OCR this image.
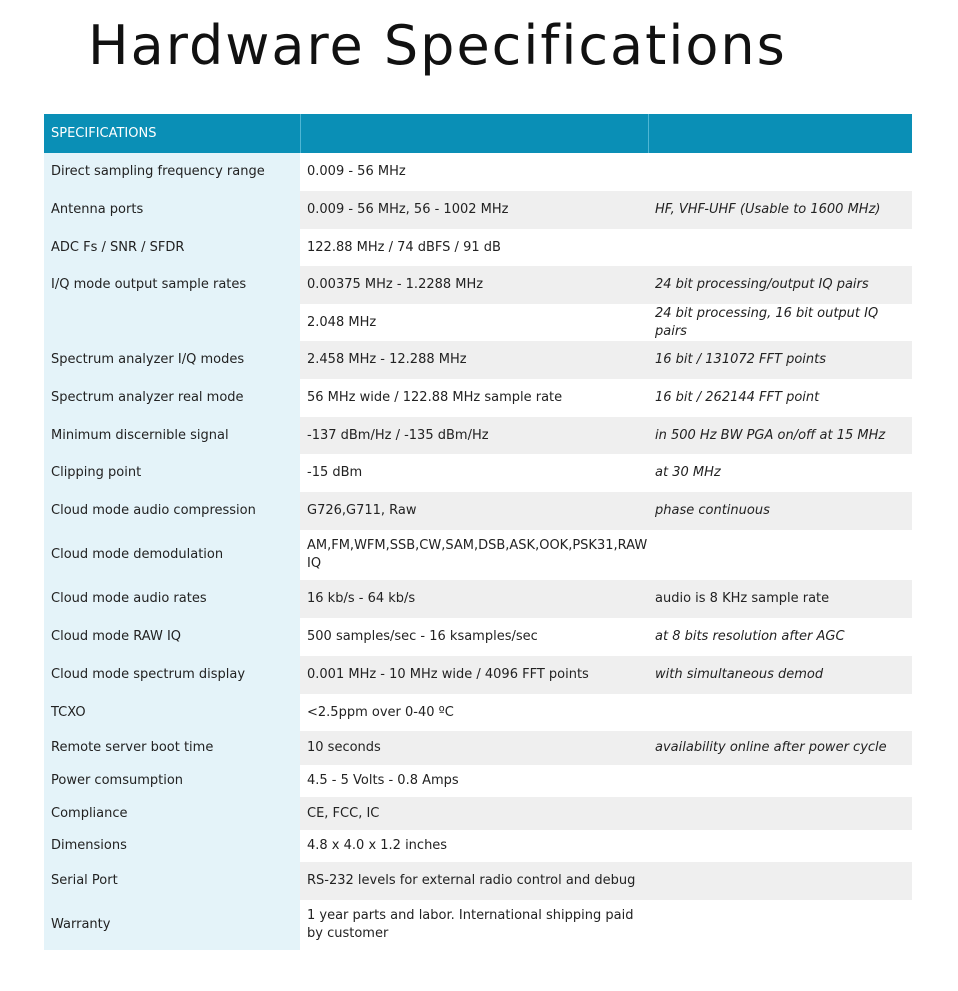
Hardware Specifications
SPECIFICATIONS		
Direct sampling frequency range	0.009 - 56 MHz	
Antenna ports	0.009 - 56 MHz, 56 - 1002 MHz	HF, VHF-UHF (Usable to 1600 MHz)
ADC Fs / SNR / SFDR	122.88 MHz / 74 dBFS / 91 dB	
I/Q mode output sample rates	0.00375 MHz - 1.2288 MHz	24 bit processing/output IQ pairs
	2.048 MHz	24 bit processing, 16 bit output IQ pairs
Spectrum analyzer I/Q modes	2.458 MHz - 12.288 MHz	16 bit / 131072 FFT points
Spectrum analyzer real mode	56 MHz wide / 122.88 MHz sample rate	16 bit / 262144 FFT point
Minimum discernible signal	-137 dBm/Hz / -135 dBm/Hz	in 500 Hz BW PGA on/off at 15 MHz
Clipping point	-15 dBm	at 30 MHz
Cloud mode audio compression	G726,G711, Raw	phase continuous
Cloud mode demodulation	AM,FM,WFM,SSB,CW,SAM,DSB,ASK,OOK,PSK31,RAW IQ	
Cloud mode audio rates	16 kb/s - 64 kb/s	audio is 8 KHz sample rate
Cloud mode RAW IQ	500 samples/sec - 16 ksamples/sec	at 8 bits resolution after AGC
Cloud mode spectrum display	0.001 MHz - 10 MHz wide / 4096 FFT points	with simultaneous demod
TCXO	<2.5ppm over 0-40 ºC	
Remote server boot time	10 seconds	availability online after power cycle
Power comsumption	4.5 - 5 Volts - 0.8 Amps	
Compliance	CE, FCC, IC	
Dimensions	4.8 x 4.0 x 1.2 inches	
Serial Port	RS-232 levels for external radio control and debug	
Warranty	1 year parts and labor. International shipping paid by customer	
